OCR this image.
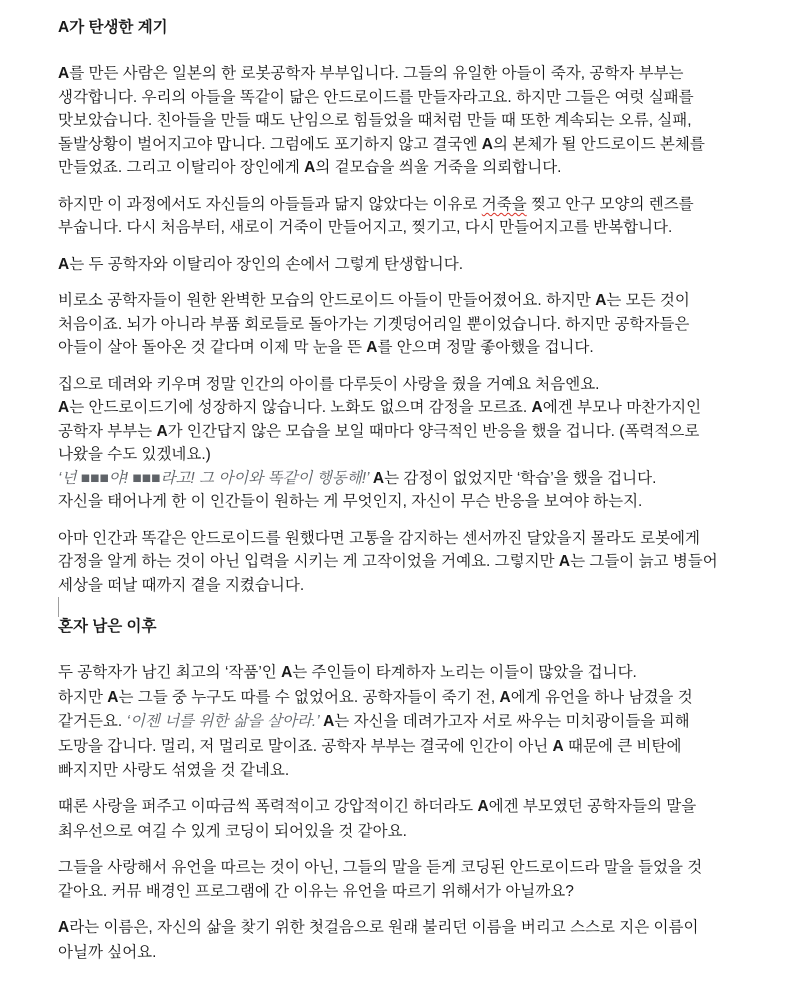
A가 탄생한 계기
A를 만든 사람은 일본의 한 로봇공학자 부부입니다. 그들의 유일한 아들이 죽자, 공학자 부부는
생각합니다. 우리의 아들을 똑같이 닮은 안드로이드를 만들자라고요. 하지만 그들은 여럿 실패를
맛보았습니다. 친아들을 만들 때도 난임으로 힘들었을 때처럼 만들 때 또한 계속되는 오류, 실패,
돌발상황이 벌어지고야 맙니다. 그럼에도 포기하지 않고 결국엔 A의 본체가 될 안드로이드 본체를
만들었죠. 그리고 이탈리아 장인에게 A의 겉모습을 씌울 거죽을 의뢰합니다.
하지만 이 과정에서도 자신들의 아들들과 닮지 않았다는 이유로 거죽을 찢고 안구 모양의 렌즈를
부숩니다. 다시 처음부터, 새로이 거죽이 만들어지고, 찢기고, 다시 만들어지고를 반복합니다.
A는 두 공학자와 이탈리아 장인의 손에서 그렇게 탄생합니다.
비로소 공학자들이 원한 완벽한 모습의 안드로이드 아들이 만들어졌어요. 하지만 A는 모든 것이
처음이죠. 뇌가 아니라 부품 회로들로 돌아가는 기곗덩어리일 뿐이었습니다. 하지만 공학자들은
아들이 살아 돌아온 것 같다며 이제 막 눈을 뜬 A를 안으며 정말 좋아했을 겁니다.
집으로 데려와 키우며 정말 인간의 아이를 다루듯이 사랑을 줬을 거예요 처음엔요.
A는 안드로이드기에 성장하지 않습니다. 노화도 없으며 감정을 모르죠. A에겐 부모나 마찬가지인
공학자 부부는 A가 인간답지 않은 모습을 보일 때마다 양극적인 반응을 했을 겁니다. (폭력적으로
나왔을 수도 있겠네요.)
‘넌 ■■■야! ■■■라고! 그 아이와 똑같이 행동해!’ A는 감정이 없었지만 ‘학습’을 했을 겁니다.
자신을 태어나게 한 이 인간들이 원하는 게 무엇인지, 자신이 무슨 반응을 보여야 하는지.
아마 인간과 똑같은 안드로이드를 원했다면 고통을 감지하는 센서까진 달았을지 몰라도 로봇에게
감정을 알게 하는 것이 아닌 입력을 시키는 게 고작이었을 거예요. 그렇지만 A는 그들이 늙고 병들어
세상을 떠날 때까지 곁을 지켰습니다.
혼자 남은 이후
두 공학자가 남긴 최고의 ‘작품’인 A는 주인들이 타계하자 노리는 이들이 많았을 겁니다.
하지만 A는 그들 중 누구도 따를 수 없었어요. 공학자들이 죽기 전, A에게 유언을 하나 남겼을 것
같거든요. ‘이젠 너를 위한 삶을 살아라.’ A는 자신을 데려가고자 서로 싸우는 미치광이들을 피해
도망을 갑니다. 멀리, 저 멀리로 말이죠. 공학자 부부는 결국에 인간이 아닌 A 때문에 큰 비탄에
빠지지만 사랑도 섞였을 것 같네요.
때론 사랑을 퍼주고 이따금씩 폭력적이고 강압적이긴 하더라도 A에겐 부모였던 공학자들의 말을
최우선으로 여길 수 있게 코딩이 되어있을 것 같아요.
그들을 사랑해서 유언을 따르는 것이 아닌, 그들의 말을 듣게 코딩된 안드로이드라 말을 들었을 것
같아요. 커뮤 배경인 프로그램에 간 이유는 유언을 따르기 위해서가 아닐까요?
A라는 이름은, 자신의 삶을 찾기 위한 첫걸음으로 원래 불리던 이름을 버리고 스스로 지은 이름이
아닐까 싶어요.
